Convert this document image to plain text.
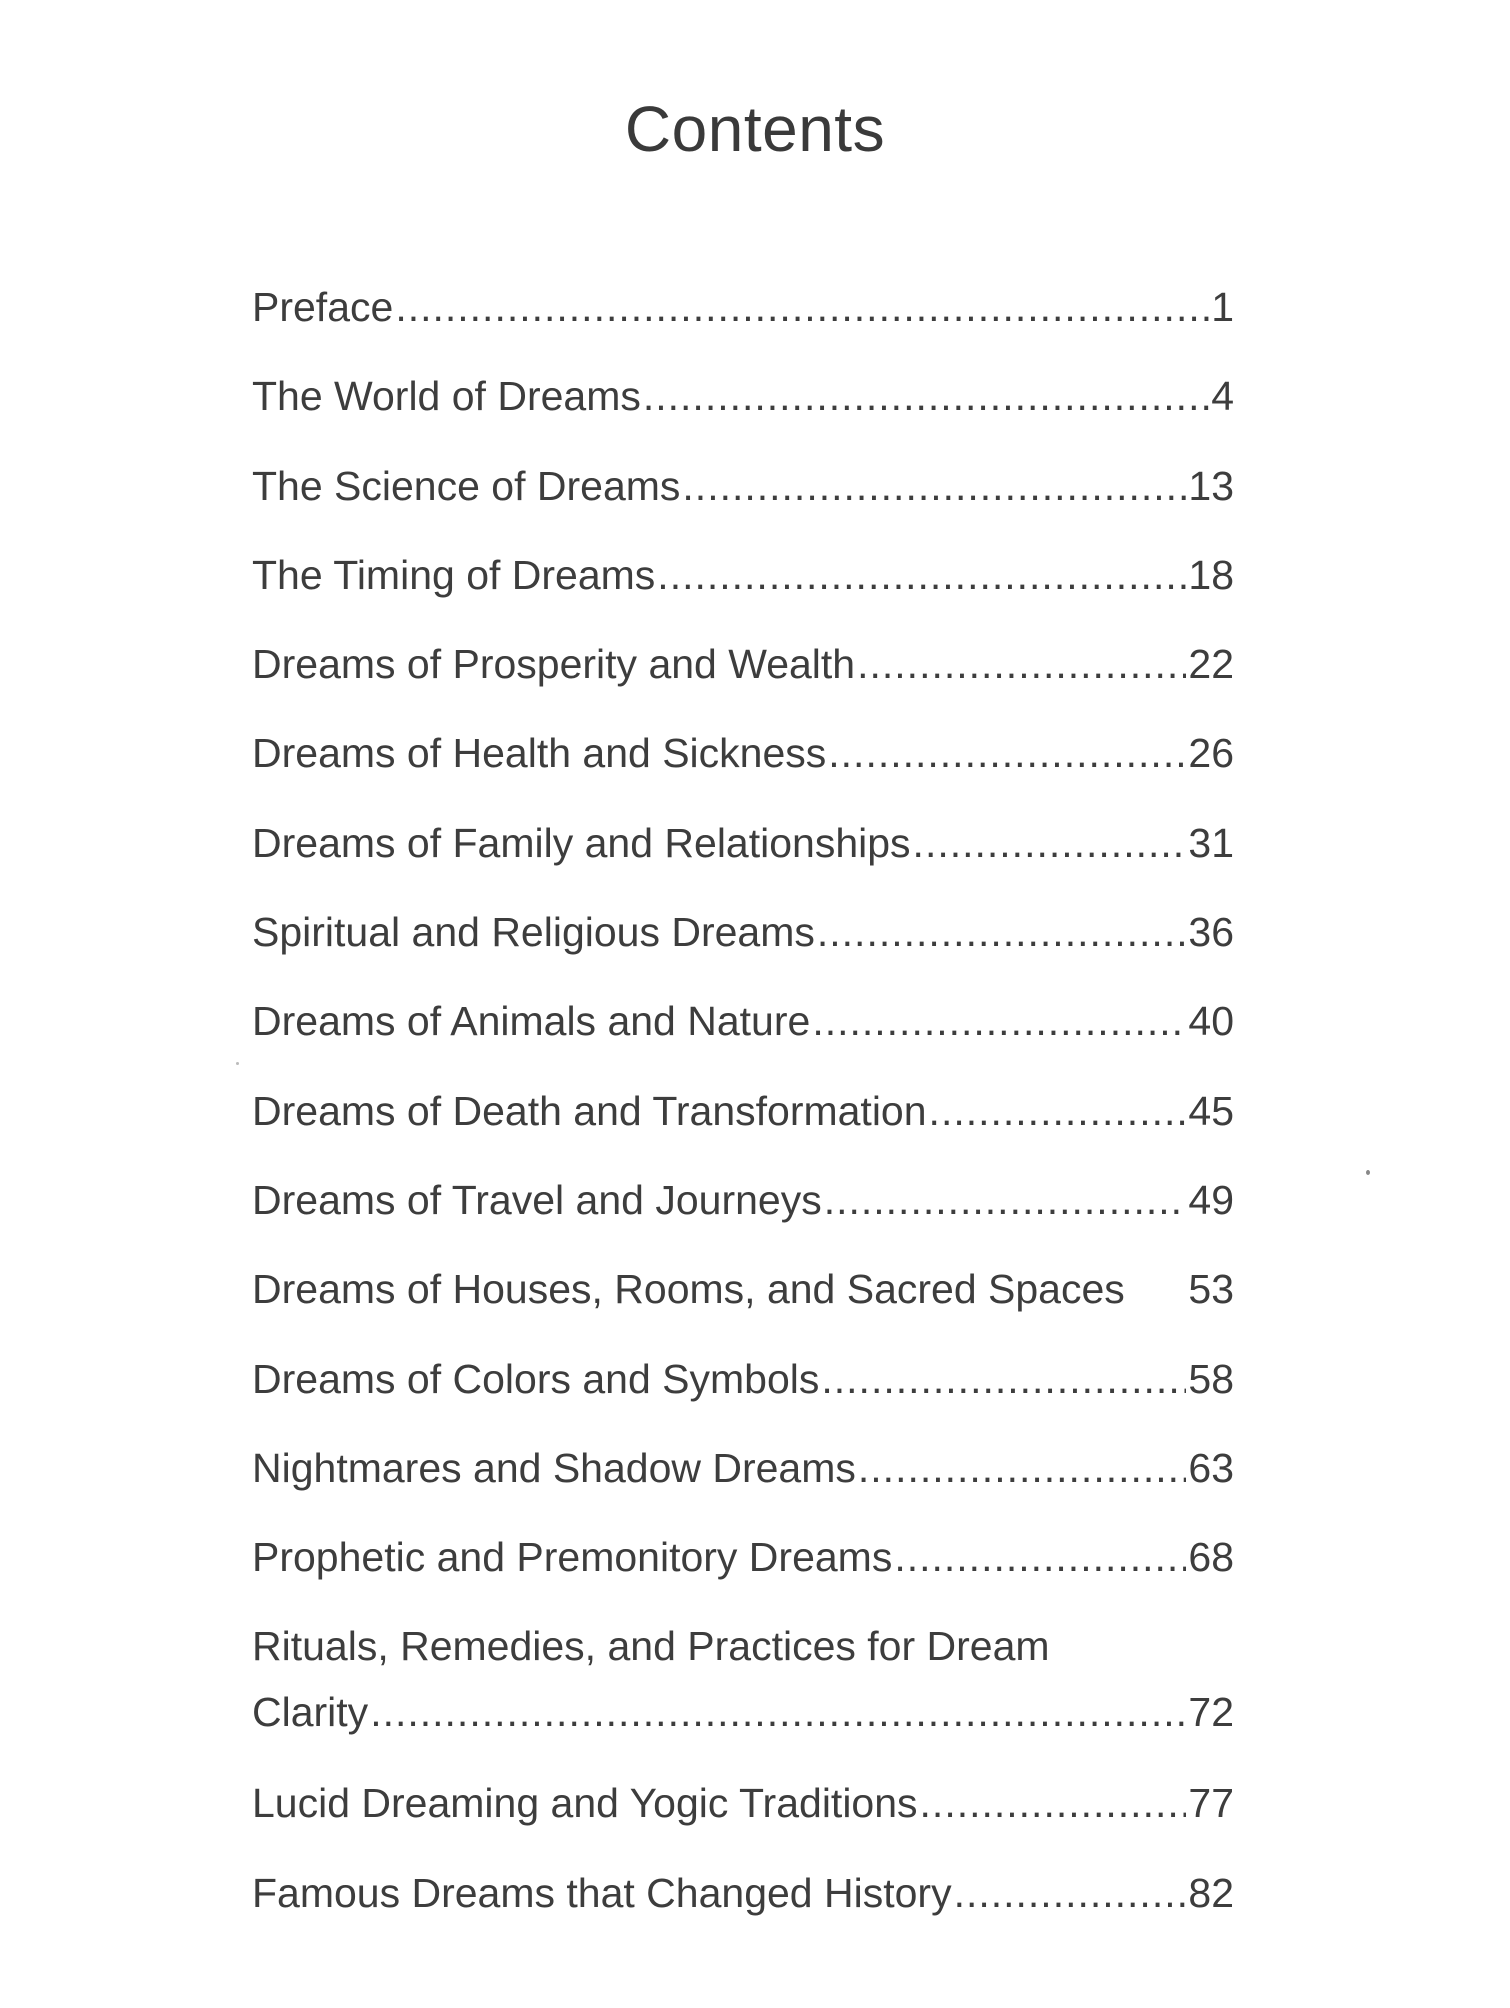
Contents
Preface .....	1
The World of Dreams .....	4
The Science of Dreams .....	13
The Timing of Dreams .....	18
Dreams of Prosperity and Wealth .....	22
Dreams of Health and Sickness .....	26
Dreams of Family and Relationships .....	31
Spiritual and Religious Dreams .....	36
Dreams of Animals and Nature .....	40
Dreams of Death and Transformation .....	45
Dreams of Travel and Journeys .....	49
Dreams of Houses, Rooms, and Sacred Spaces	53
Dreams of Colors and Symbols .....	58
Nightmares and Shadow Dreams .....	63
Prophetic and Premonitory Dreams .....	68
Rituals, Remedies, and Practices for Dream
Clarity .....	72
Lucid Dreaming and Yogic Traditions .....	77
Famous Dreams that Changed History .....	82
